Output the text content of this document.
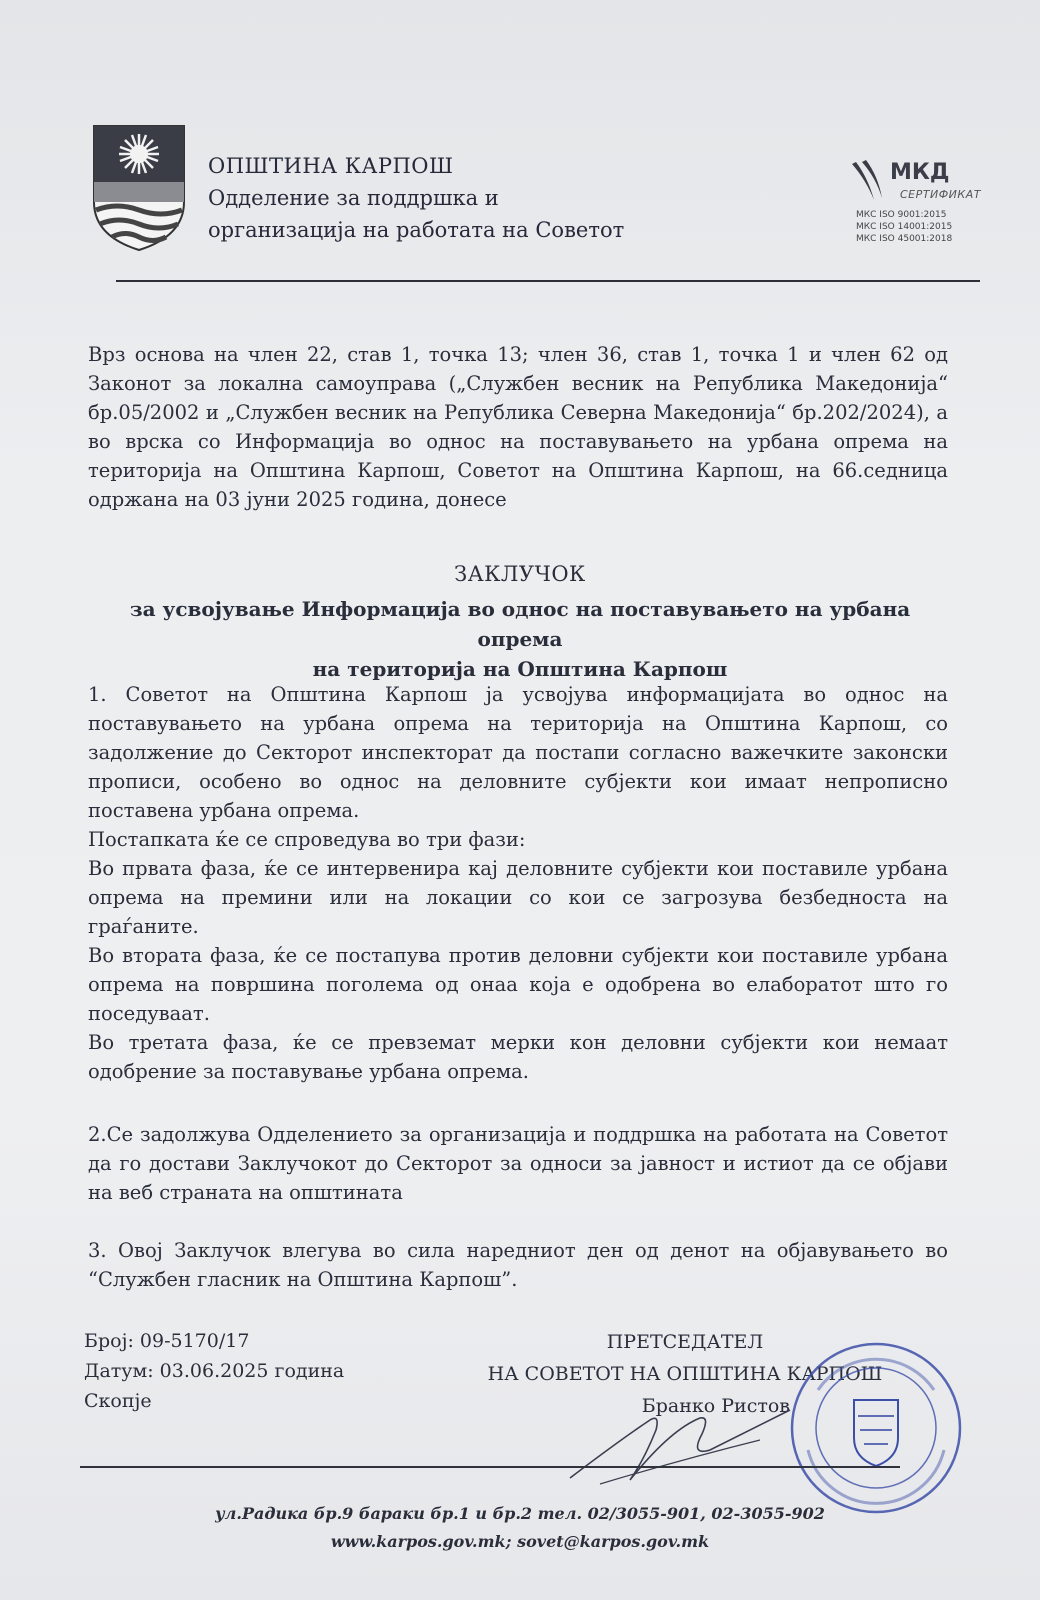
ОПШТИНА КАРПОШ
Одделение за поддршка и
организација на работата на Советот
МКД
СЕРТИФИКАТ
МКС ISO 9001:2015
МКС ISO 14001:2015
МКС ISO 45001:2018
Врз основа на член 22, став 1, точка 13; член 36, став 1, точка 1 и член 62 од Законот за локална самоуправа („Службен весник на Република Македонија“ бр.05/2002 и „Службен весник на Република Северна Македонија“ бр.202/2024), а во врска со Информација во однос на поставувањето на урбана опрема на територија на Општина Карпош, Советот на Општина Карпош, на 66.седница одржана на 03 јуни 2025 година, донесе
ЗАКЛУЧОК
за усвојување Информација во однос на поставувањето на урбана опрема
на територија на Општина Карпош

1. Советот на Општина Карпош ја усвојува информацијата во однос на поставувањето на урбана опрема на територија на Општина Карпош, со задолжение до Секторот инспекторат да постапи согласно важечките законски прописи, особено во однос на деловните субјекти кои имаат непрописно поставена урбана опрема.

Постапката ќе се спроведува во три фази:

Во првата фаза, ќе се интервенира кај деловните субјекти кои поставиле урбана опрема на премини или на локации со кои се загрозува безбедноста на граѓаните.

Во втората фаза, ќе се постапува против деловни субјекти кои поставиле урбана опрема на површина поголема од онаа која е одобрена во елаборатот што го поседуваат.

Во третата фаза, ќе се превземат мерки кон деловни субјекти кои немаат одобрение за поставување урбана опрема.

2.Се задолжува Одделението за организација и поддршка на работата на Советот да го достави Заклучокот до Секторот за односи за јавност и истиот да се објави на веб страната на општината
3. Овој Заклучок влегува во сила наредниот ден од денот на објавувањето во “Службен гласник на Општина Карпош”.
Број: 09-5170/17
Датум: 03.06.2025 година
Скопје
ПРЕТСЕДАТЕЛ
НА СОВЕТОТ НА ОПШТИНА КАРПОШ
Бранко Ристов
ул.Радика бр.9 бараки бр.1 и бр.2 тел. 02/3055-901, 02-3055-902
www.karpos.gov.mk; sovet@karpos.gov.mk
